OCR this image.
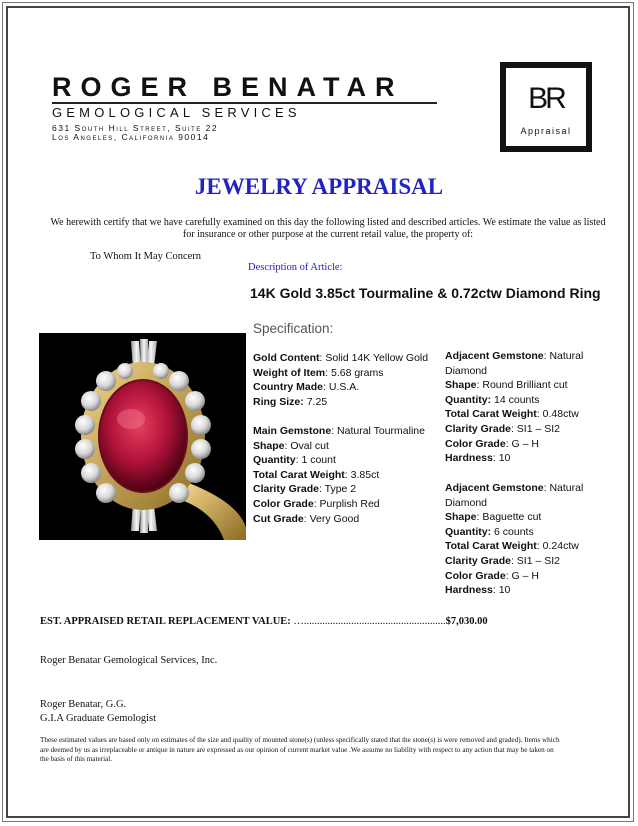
ROGER BENATAR
GEMOLOGICAL SERVICES
631 South Hill Street, Suite 22
Los Angeles, California 90014
BR
Appraisal
JEWELRY APPRAISAL
We herewith certify that we have carefully examined on this day the following listed and described articles. We estimate the value as listed for insurance or other purpose at the current retail value, the property of:
To Whom It May Concern
Description of Article:
14K Gold 3.85ct Tourmaline & 0.72ctw Diamond Ring
Specification:
Gold Content: Solid 14K Yellow Gold
Weight of Item: 5.68 grams
Country Made: U.S.A.
Ring Size: 7.25
Main Gemstone: Natural Tourmaline
Shape: Oval cut
Quantity: 1 count
Total Carat Weight: 3.85ct
Clarity Grade: Type 2
Color Grade: Purplish Red
Cut Grade: Very Good
Adjacent Gemstone: Natural
Diamond
Shape: Round Brilliant cut
Quantity: 14 counts
Total Carat Weight: 0.48ctw
Clarity Grade: SI1 – SI2
Color Grade: G – H
Hardness: 10
Adjacent Gemstone: Natural
Diamond
Shape: Baguette cut
Quantity: 6 counts
Total Carat Weight: 0.24ctw
Clarity Grade: SI1 – SI2
Color Grade: G – H
Hardness: 10
EST. APPRAISED RETAIL REPLACEMENT VALUE: …......................................................$7,030.00
Roger Benatar Gemological Services, Inc.
Roger Benatar, G.G.
G.I.A Graduate Gemologist
These estimated values are based only on estimates of the size and quality of mounted stone(s) (unless specifically stated that the stone(s) is were removed and graded). Items which are deemed by us as irreplaceable or antique in nature are expressed as our opinion of current market value .We assume no liability with respect to any action that may be taken on the basis of this material.
